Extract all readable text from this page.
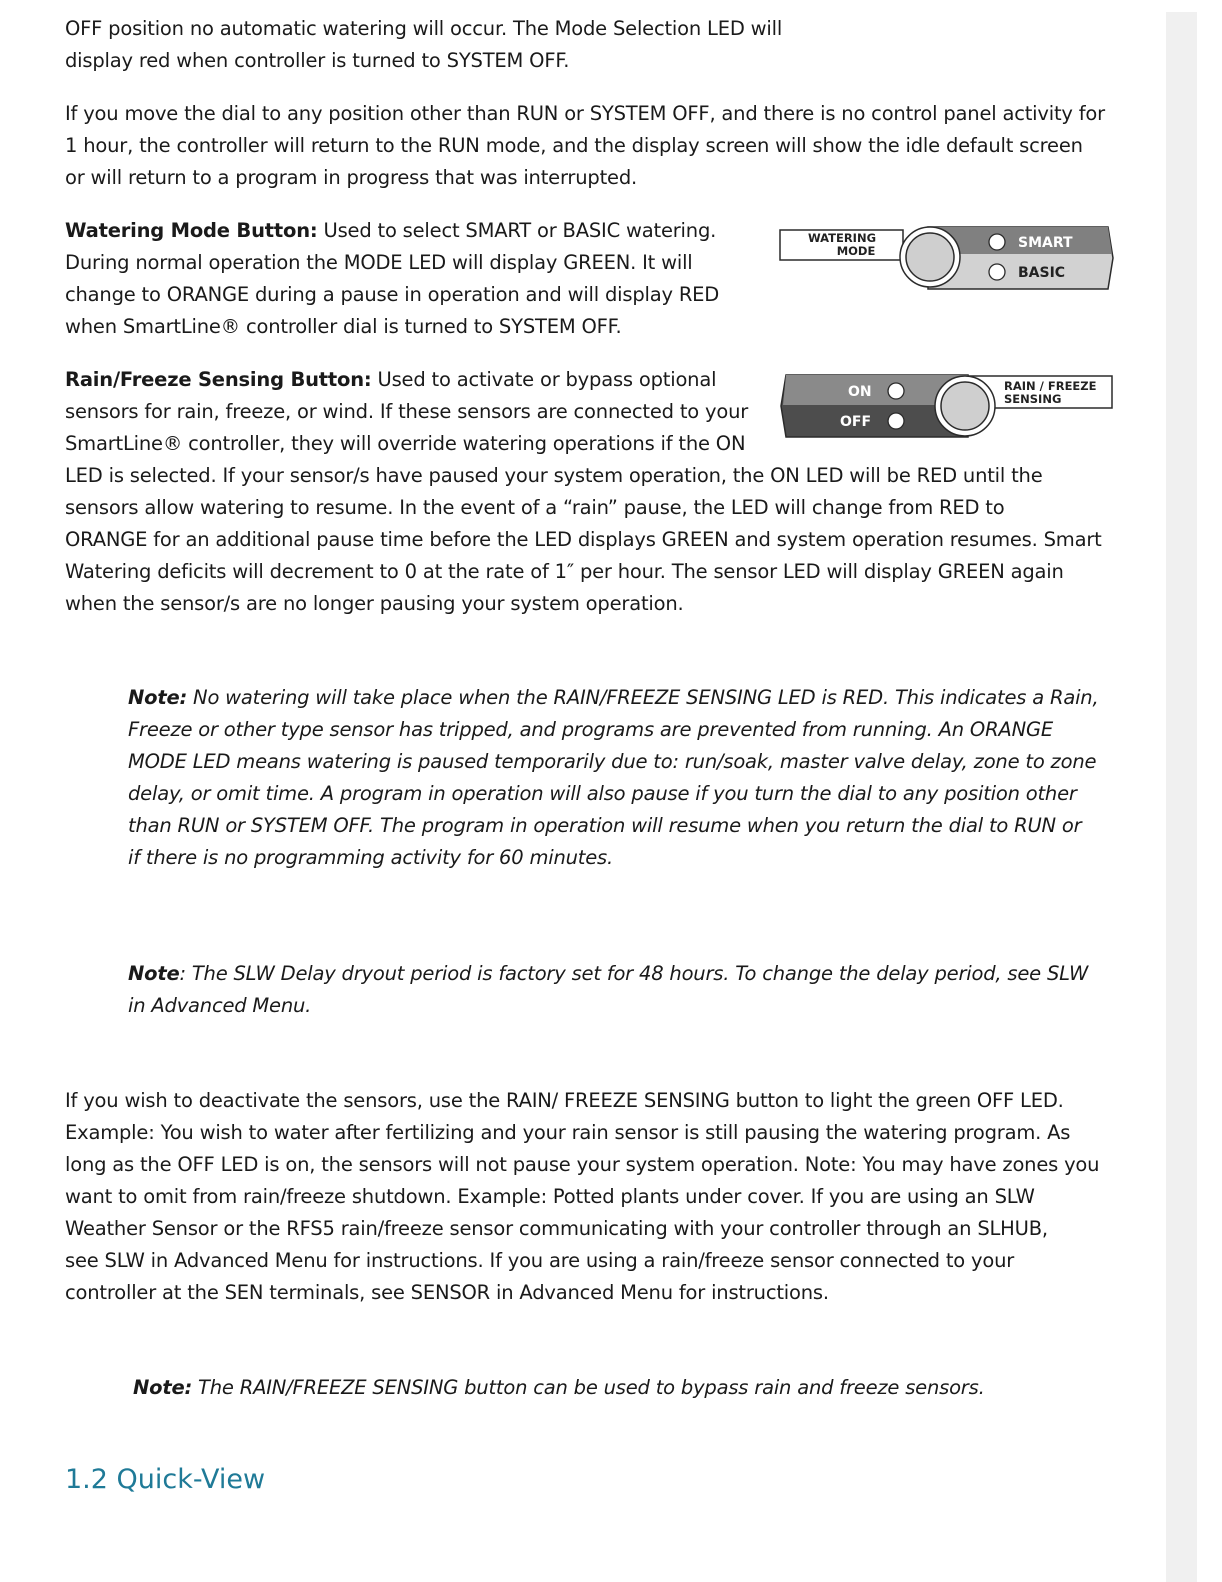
OFF position no automatic watering will occur. The Mode Selection LED will
display red when controller is turned to SYSTEM OFF.
If you move the dial to any position other than RUN or SYSTEM OFF, and there is no control panel activity for
1 hour, the controller will return to the RUN mode, and the display screen will show the idle default screen
or will return to a program in progress that was interrupted.
Watering Mode Button: Used to select SMART or BASIC watering.
During normal operation the MODE LED will display GREEN. It will
change to ORANGE during a pause in operation and will display RED
when SmartLine® controller dial is turned to SYSTEM OFF.
WATERING
MODE	SMART
BASIC
Rain/Freeze Sensing Button: Used to activate or bypass optional
sensors for rain, freeze, or wind. If these sensors are connected to your
SmartLine® controller, they will override watering operations if the ON
LED is selected. If your sensor/s have paused your system operation, the ON LED will be RED until the
sensors allow watering to resume. In the event of a “rain” pause, the LED will change from RED to
ORANGE for an additional pause time before the LED displays GREEN and system operation resumes. Smart
Watering deficits will decrement to 0 at the rate of 1″ per hour. The sensor LED will display GREEN again
when the sensor/s are no longer pausing your system operation.
RAIN / FREEZE
SENSING
ON
OFF
Note: No watering will take place when the RAIN/FREEZE SENSING LED is RED. This indicates a Rain,
Freeze or other type sensor has tripped, and programs are prevented from running. An ORANGE
MODE LED means watering is paused temporarily due to: run/soak, master valve delay, zone to zone
delay, or omit time. A program in operation will also pause if you turn the dial to any position other
than RUN or SYSTEM OFF. The program in operation will resume when you return the dial to RUN or
if there is no programming activity for 60 minutes.
Note: The SLW Delay dryout period is factory set for 48 hours. To change the delay period, see SLW
in Advanced Menu.
If you wish to deactivate the sensors, use the RAIN/ FREEZE SENSING button to light the green OFF LED.
Example: You wish to water after fertilizing and your rain sensor is still pausing the watering program. As
long as the OFF LED is on, the sensors will not pause your system operation. Note: You may have zones you
want to omit from rain/freeze shutdown. Example: Potted plants under cover. If you are using an SLW
Weather Sensor or the RFS5 rain/freeze sensor communicating with your controller through an SLHUB,
see SLW in Advanced Menu for instructions. If you are using a rain/freeze sensor connected to your
controller at the SEN terminals, see SENSOR in Advanced Menu for instructions.
Note: The RAIN/FREEZE SENSING button can be used to bypass rain and freeze sensors.
1.2 Quick-View
